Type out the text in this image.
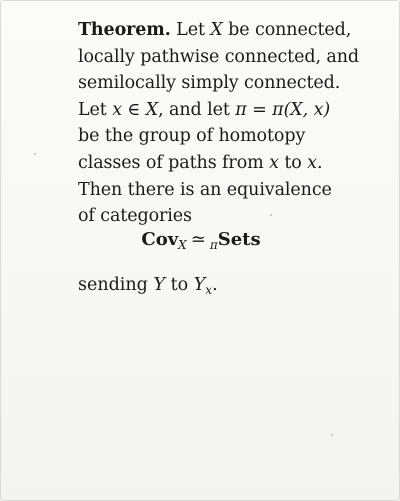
Theorem. Let X be connected,
locally pathwise connected, and
semilocally simply connected.
Let x ∈ X, and let π = π(X, x)
be the group of homotopy
classes of paths from x to x.
Then there is an equivalence
of categories
Cov$_X$ ≃ $_\pi$Sets
sending Y to $Y_x$.
